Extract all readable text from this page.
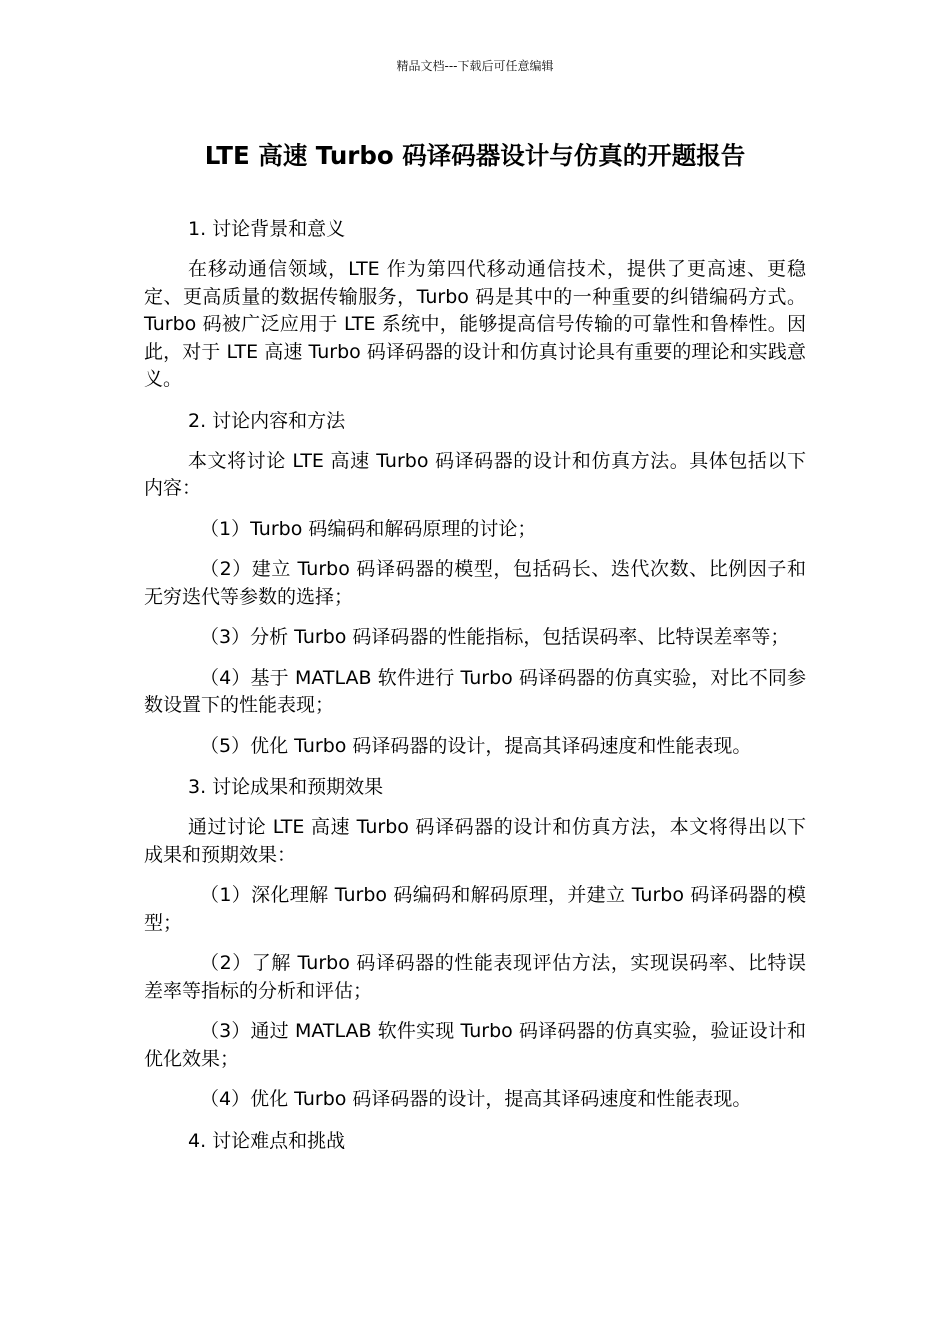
精品文档---下载后可任意编辑
LTE 高速 Turbo 码译码器设计与仿真的开题报告

1. 讨论背景和意义

在移动通信领域，LTE 作为第四代移动通信技术，提供了更高速、更稳定、更高质量的数据传输服务，Turbo 码是其中的一种重要的纠错编码方式。Turbo 码被广泛应用于 LTE 系统中，能够提高信号传输的可靠性和鲁棒性。因此，对于 LTE 高速 Turbo 码译码器的设计和仿真讨论具有重要的理论和实践意义。

2. 讨论内容和方法

本文将讨论 LTE 高速 Turbo 码译码器的设计和仿真方法。具体包括以下内容：

（1）Turbo 码编码和解码原理的讨论；

（2）建立 Turbo 码译码器的模型，包括码长、迭代次数、比例因子和无穷迭代等参数的选择；

（3）分析 Turbo 码译码器的性能指标，包括误码率、比特误差率等；

（4）基于 MATLAB 软件进行 Turbo 码译码器的仿真实验，对比不同参数设置下的性能表现；

（5）优化 Turbo 码译码器的设计，提高其译码速度和性能表现。

3. 讨论成果和预期效果

通过讨论 LTE 高速 Turbo 码译码器的设计和仿真方法，本文将得出以下成果和预期效果：

（1）深化理解 Turbo 码编码和解码原理，并建立 Turbo 码译码器的模型；

（2）了解 Turbo 码译码器的性能表现评估方法，实现误码率、比特误差率等指标的分析和评估；

（3）通过 MATLAB 软件实现 Turbo 码译码器的仿真实验，验证设计和优化效果；

（4）优化 Turbo 码译码器的设计，提高其译码速度和性能表现。

4. 讨论难点和挑战
